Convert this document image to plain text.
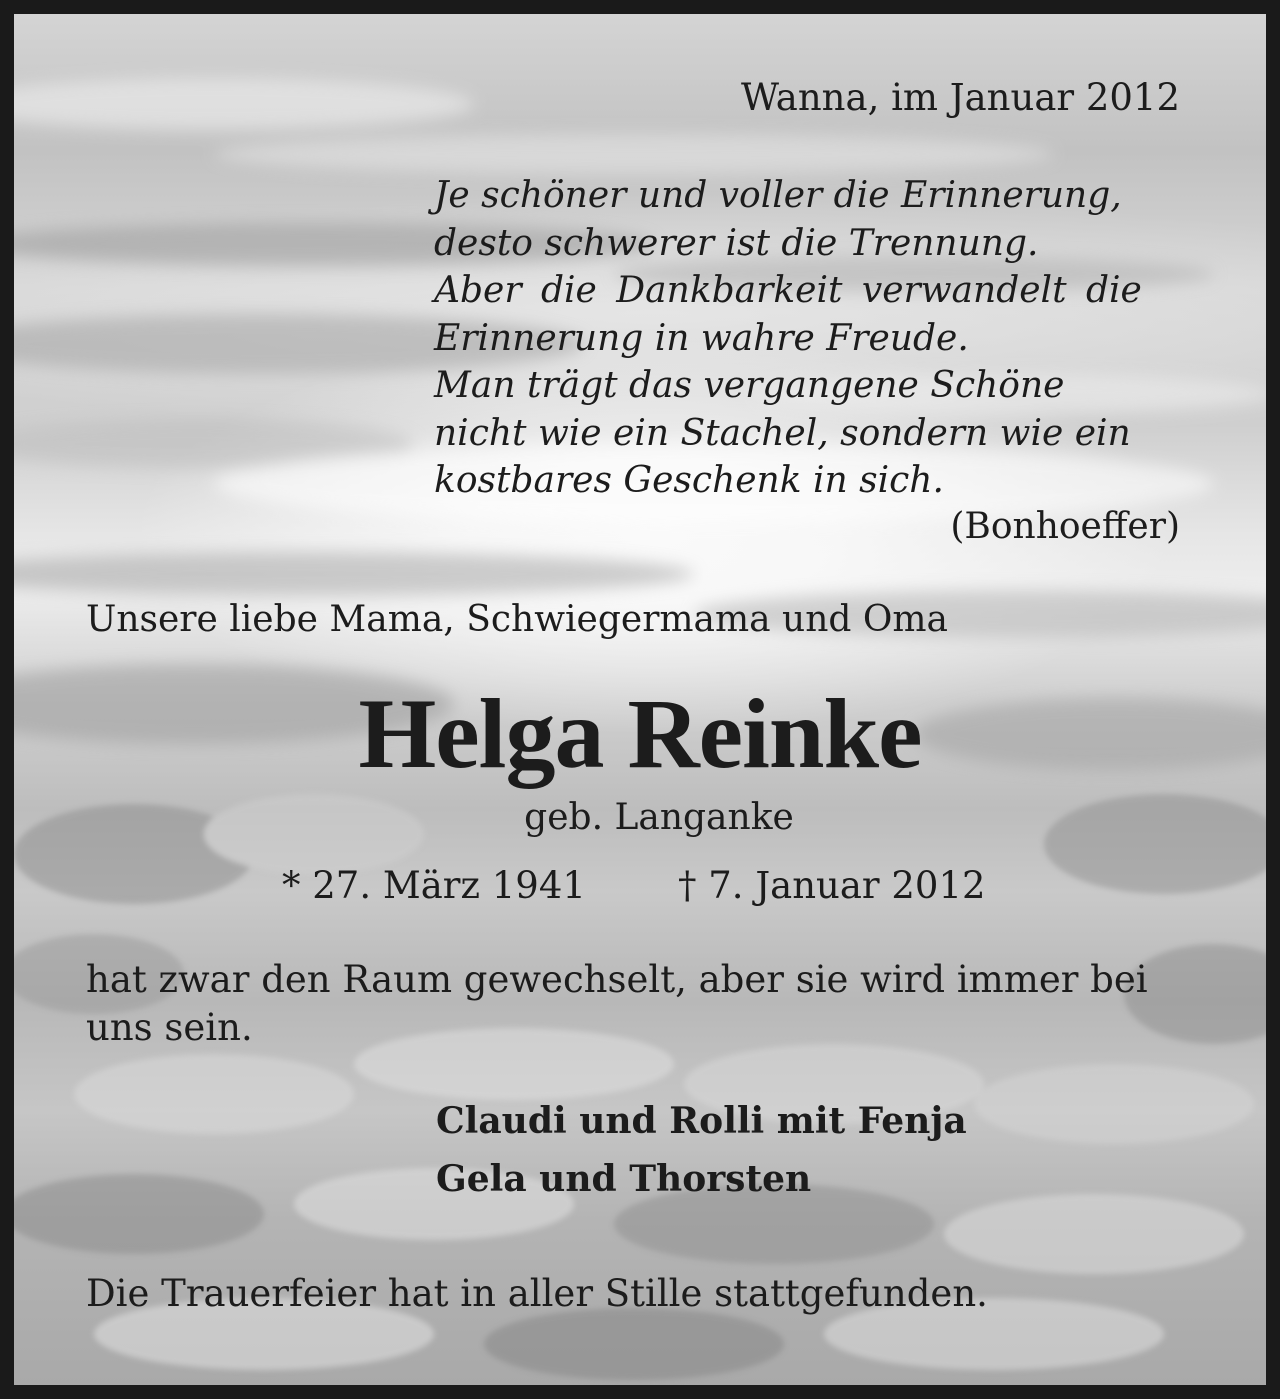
Wanna, im Januar 2012
Je schöner und voller die Erinnerung,
desto schwerer ist die Trennung.
Aber die Dankbarkeit verwandelt die
Erinnerung in wahre Freude.
Man trägt das vergangene Schöne
nicht wie ein Stachel, sondern wie ein
kostbares Geschenk in sich.
(Bonhoeffer)
Unsere liebe Mama, Schwiegermama und Oma
Helga Reinke
geb. Langanke
* 27. März 1941 † 7. Januar 2012
hat zwar den Raum gewechselt, aber sie wird immer bei
uns sein.
Claudi und Rolli mit Fenja
Gela und Thorsten
Die Trauerfeier hat in aller Stille stattgefunden.
